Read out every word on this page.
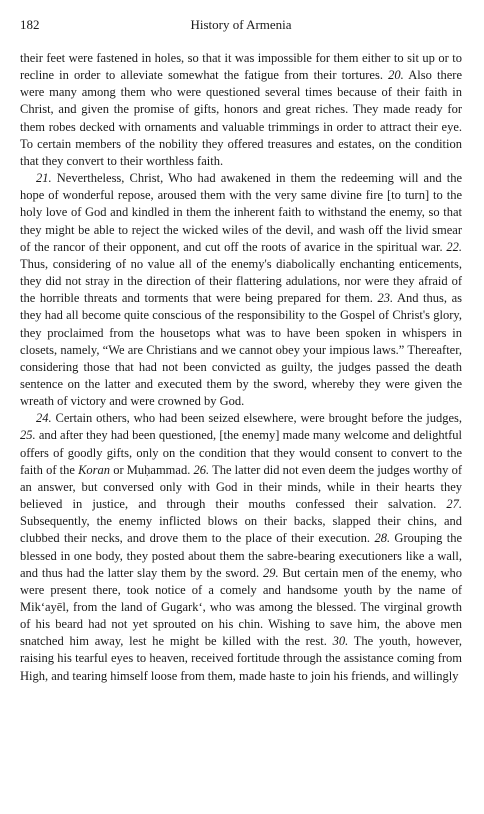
182	History of Armenia

their feet were fastened in holes, so that it was impossible for them either to sit up or to recline in order to alleviate somewhat the fatigue from their tortures. 20. Also there were many among them who were questioned several times because of their faith in Christ, and given the promise of gifts, honors and great riches. They made ready for them robes decked with ornaments and valuable trimmings in order to attract their eye. To certain members of the nobility they offered treasures and estates, on the condition that they convert to their worthless faith.

21. Nevertheless, Christ, Who had awakened in them the redeeming will and the hope of wonderful repose, aroused them with the very same divine fire [to turn] to the holy love of God and kindled in them the inherent faith to withstand the enemy, so that they might be able to reject the wicked wiles of the devil, and wash off the livid smear of the rancor of their opponent, and cut off the roots of avarice in the spiritual war. 22. Thus, considering of no value all of the enemy's diabolically enchanting enticements, they did not stray in the direction of their flattering adulations, nor were they afraid of the horrible threats and torments that were being prepared for them. 23. And thus, as they had all become quite conscious of the responsibility to the Gospel of Christ's glory, they proclaimed from the housetops what was to have been spoken in whispers in closets, namely, “We are Christians and we cannot obey your impious laws.” Thereafter, considering those that had not been convicted as guilty, the judges passed the death sentence on the latter and executed them by the sword, whereby they were given the wreath of victory and were crowned by God.

24. Certain others, who had been seized elsewhere, were brought before the judges, 25. and after they had been questioned, [the enemy] made many welcome and delightful offers of goodly gifts, only on the condition that they would consent to convert to the faith of the Koran or Muḥammad. 26. The latter did not even deem the judges worthy of an answer, but conversed only with God in their minds, while in their hearts they believed in justice, and through their mouths confessed their salvation. 27. Subsequently, the enemy inflicted blows on their backs, slapped their chins, and clubbed their necks, and drove them to the place of their execution. 28. Grouping the blessed in one body, they posted about them the sabre-bearing executioners like a wall, and thus had the latter slay them by the sword. 29. But certain men of the enemy, who were present there, took notice of a comely and handsome youth by the name of Mik‘ayēl, from the land of Gugark‘, who was among the blessed. The virginal growth of his beard had not yet sprouted on his chin. Wishing to save him, the above men snatched him away, lest he might be killed with the rest. 30. The youth, however, raising his tearful eyes to heaven, received fortitude through the assistance coming from High, and tearing himself loose from them, made haste to join his friends, and willingly
